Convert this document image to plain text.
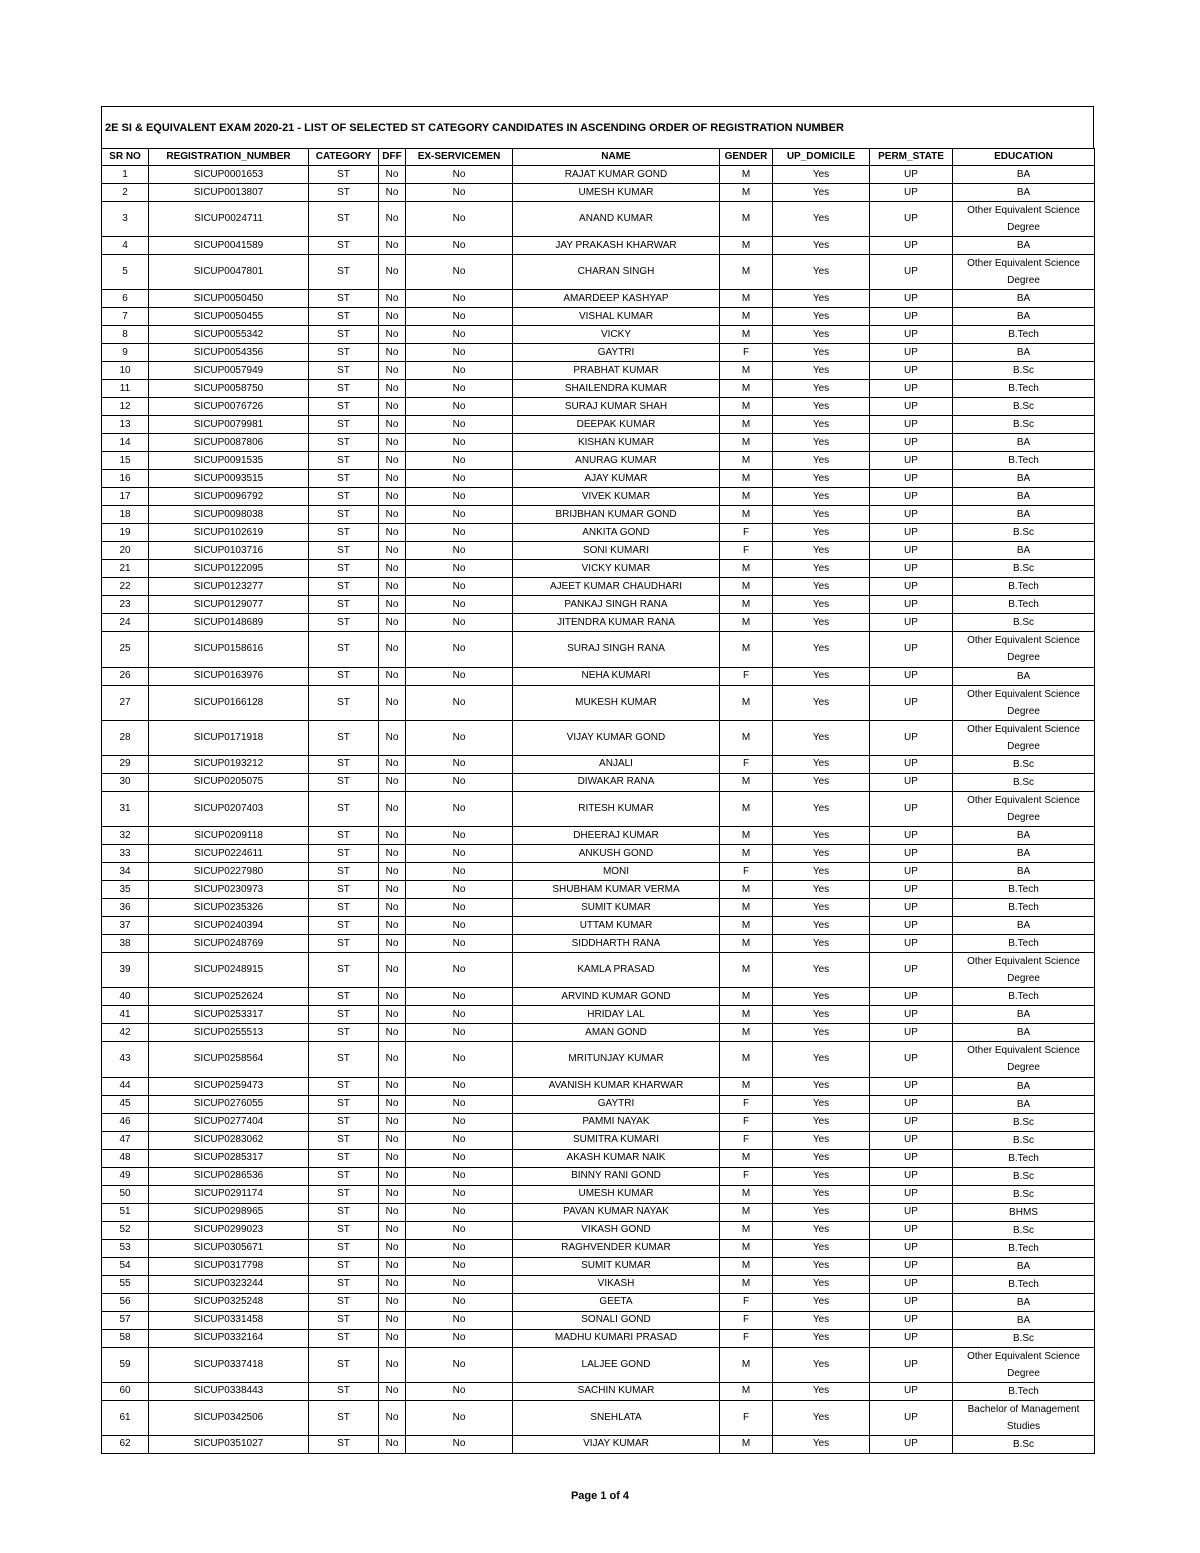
2E SI & EQUIVALENT EXAM 2020-21 - LIST OF SELECTED ST CATEGORY CANDIDATES IN ASCENDING ORDER OF REGISTRATION NUMBER
SR NO	REGISTRATION_NUMBER	CATEGORY	DFF	EX-SERVICEMEN	NAME	GENDER	UP_DOMICILE	PERM_STATE	EDUCATION
1	SICUP0001653	ST	No	No	RAJAT KUMAR GOND	M	Yes	UP	BA
2	SICUP0013807	ST	No	No	UMESH KUMAR	M	Yes	UP	BA
3	SICUP0024711	ST	No	No	ANAND KUMAR	M	Yes	UP	Other Equivalent Science Degree
4	SICUP0041589	ST	No	No	JAY PRAKASH KHARWAR	M	Yes	UP	BA
5	SICUP0047801	ST	No	No	CHARAN SINGH	M	Yes	UP	Other Equivalent Science Degree
6	SICUP0050450	ST	No	No	AMARDEEP KASHYAP	M	Yes	UP	BA
7	SICUP0050455	ST	No	No	VISHAL KUMAR	M	Yes	UP	BA
8	SICUP0055342	ST	No	No	VICKY	M	Yes	UP	B.Tech
9	SICUP0054356	ST	No	No	GAYTRI	F	Yes	UP	BA
10	SICUP0057949	ST	No	No	PRABHAT KUMAR	M	Yes	UP	B.Sc
11	SICUP0058750	ST	No	No	SHAILENDRA KUMAR	M	Yes	UP	B.Tech
12	SICUP0076726	ST	No	No	SURAJ KUMAR SHAH	M	Yes	UP	B.Sc
13	SICUP0079981	ST	No	No	DEEPAK KUMAR	M	Yes	UP	B.Sc
14	SICUP0087806	ST	No	No	KISHAN KUMAR	M	Yes	UP	BA
15	SICUP0091535	ST	No	No	ANURAG KUMAR	M	Yes	UP	B.Tech
16	SICUP0093515	ST	No	No	AJAY KUMAR	M	Yes	UP	BA
17	SICUP0096792	ST	No	No	VIVEK KUMAR	M	Yes	UP	BA
18	SICUP0098038	ST	No	No	BRIJBHAN KUMAR GOND	M	Yes	UP	BA
19	SICUP0102619	ST	No	No	ANKITA GOND	F	Yes	UP	B.Sc
20	SICUP0103716	ST	No	No	SONI KUMARI	F	Yes	UP	BA
21	SICUP0122095	ST	No	No	VICKY KUMAR	M	Yes	UP	B.Sc
22	SICUP0123277	ST	No	No	AJEET KUMAR CHAUDHARI	M	Yes	UP	B.Tech
23	SICUP0129077	ST	No	No	PANKAJ SINGH RANA	M	Yes	UP	B.Tech
24	SICUP0148689	ST	No	No	JITENDRA KUMAR RANA	M	Yes	UP	B.Sc
25	SICUP0158616	ST	No	No	SURAJ SINGH RANA	M	Yes	UP	Other Equivalent Science Degree
26	SICUP0163976	ST	No	No	NEHA KUMARI	F	Yes	UP	BA
27	SICUP0166128	ST	No	No	MUKESH KUMAR	M	Yes	UP	Other Equivalent Science Degree
28	SICUP0171918	ST	No	No	VIJAY KUMAR GOND	M	Yes	UP	Other Equivalent Science Degree
29	SICUP0193212	ST	No	No	ANJALI	F	Yes	UP	B.Sc
30	SICUP0205075	ST	No	No	DIWAKAR RANA	M	Yes	UP	B.Sc
31	SICUP0207403	ST	No	No	RITESH KUMAR	M	Yes	UP	Other Equivalent Science Degree
32	SICUP0209118	ST	No	No	DHEERAJ KUMAR	M	Yes	UP	BA
33	SICUP0224611	ST	No	No	ANKUSH GOND	M	Yes	UP	BA
34	SICUP0227980	ST	No	No	MONI	F	Yes	UP	BA
35	SICUP0230973	ST	No	No	SHUBHAM KUMAR VERMA	M	Yes	UP	B.Tech
36	SICUP0235326	ST	No	No	SUMIT KUMAR	M	Yes	UP	B.Tech
37	SICUP0240394	ST	No	No	UTTAM KUMAR	M	Yes	UP	BA
38	SICUP0248769	ST	No	No	SIDDHARTH RANA	M	Yes	UP	B.Tech
39	SICUP0248915	ST	No	No	KAMLA PRASAD	M	Yes	UP	Other Equivalent Science Degree
40	SICUP0252624	ST	No	No	ARVIND KUMAR GOND	M	Yes	UP	B.Tech
41	SICUP0253317	ST	No	No	HRIDAY LAL	M	Yes	UP	BA
42	SICUP0255513	ST	No	No	AMAN GOND	M	Yes	UP	BA
43	SICUP0258564	ST	No	No	MRITUNJAY KUMAR	M	Yes	UP	Other Equivalent Science Degree
44	SICUP0259473	ST	No	No	AVANISH KUMAR KHARWAR	M	Yes	UP	BA
45	SICUP0276055	ST	No	No	GAYTRI	F	Yes	UP	BA
46	SICUP0277404	ST	No	No	PAMMI NAYAK	F	Yes	UP	B.Sc
47	SICUP0283062	ST	No	No	SUMITRA KUMARI	F	Yes	UP	B.Sc
48	SICUP0285317	ST	No	No	AKASH KUMAR NAIK	M	Yes	UP	B.Tech
49	SICUP0286536	ST	No	No	BINNY RANI GOND	F	Yes	UP	B.Sc
50	SICUP0291174	ST	No	No	UMESH KUMAR	M	Yes	UP	B.Sc
51	SICUP0298965	ST	No	No	PAVAN KUMAR NAYAK	M	Yes	UP	BHMS
52	SICUP0299023	ST	No	No	VIKASH GOND	M	Yes	UP	B.Sc
53	SICUP0305671	ST	No	No	RAGHVENDER KUMAR	M	Yes	UP	B.Tech
54	SICUP0317798	ST	No	No	SUMIT KUMAR	M	Yes	UP	BA
55	SICUP0323244	ST	No	No	VIKASH	M	Yes	UP	B.Tech
56	SICUP0325248	ST	No	No	GEETA	F	Yes	UP	BA
57	SICUP0331458	ST	No	No	SONALI GOND	F	Yes	UP	BA
58	SICUP0332164	ST	No	No	MADHU KUMARI PRASAD	F	Yes	UP	B.Sc
59	SICUP0337418	ST	No	No	LALJEE GOND	M	Yes	UP	Other Equivalent Science Degree
60	SICUP0338443	ST	No	No	SACHIN KUMAR	M	Yes	UP	B.Tech
61	SICUP0342506	ST	No	No	SNEHLATA	F	Yes	UP	Bachelor of Management Studies
62	SICUP0351027	ST	No	No	VIJAY KUMAR	M	Yes	UP	B.Sc
Page 1 of 4
